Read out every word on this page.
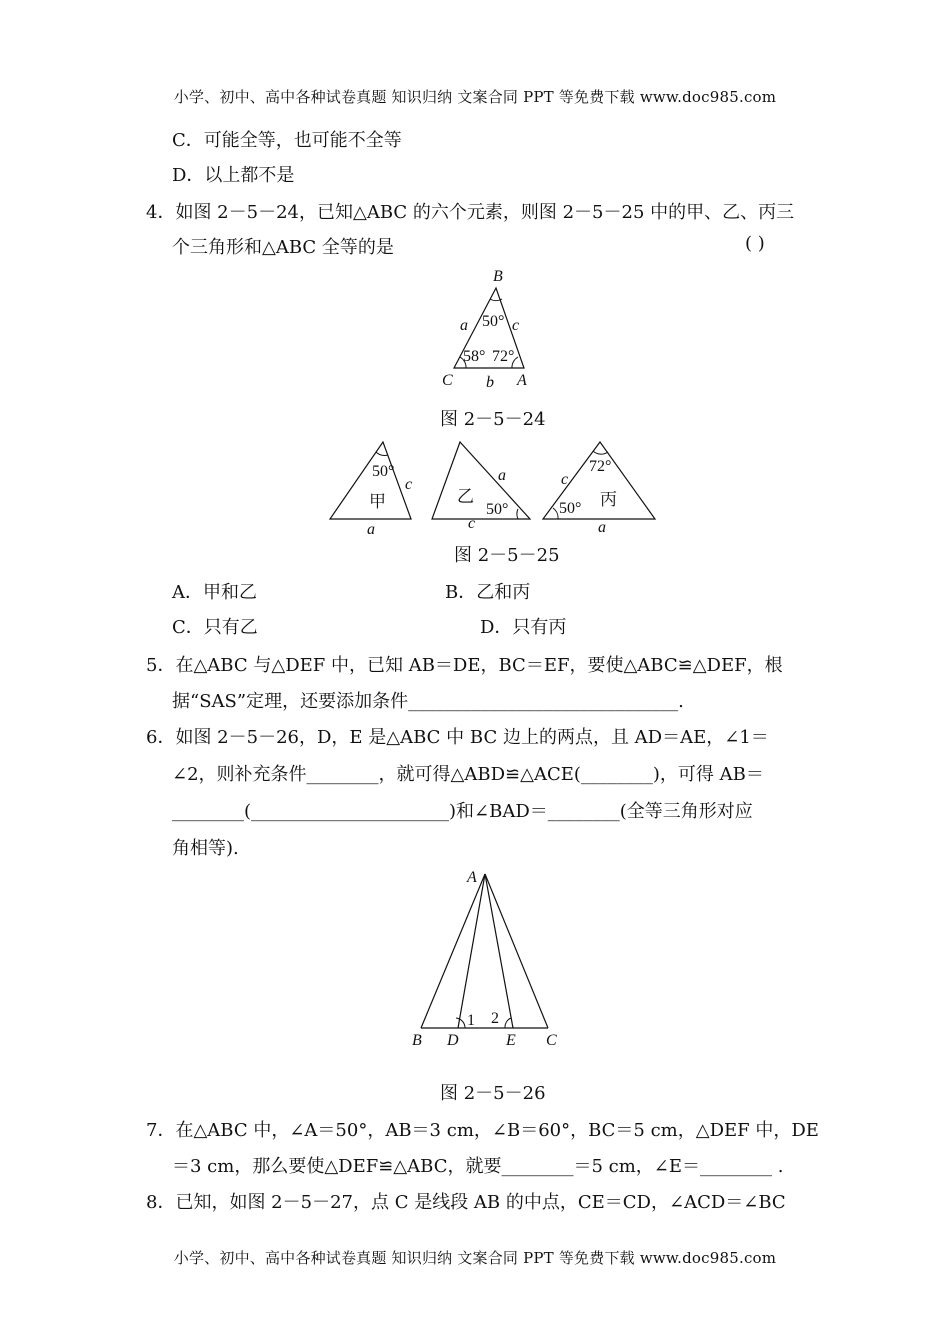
小学、初中、高中各种试卷真题 知识归纳 文案合同 PPT 等免费下载 www.doc985.com
C．可能全等，也可能不全等
D．以上都不是
4．如图 2－5－24，已知△ABC 的六个元素，则图 2－5－25 中的甲、乙、丙三
个三角形和△ABC 全等的是	( )
B
C	A
a	c
b
50°
58° 72°
图 2－5－24
50°
c
甲
a
a
乙
50°
c
72°
c
丙
50°
a
图 2－5－25
A．甲和乙	B．乙和丙
C．只有乙	D．只有丙
5．在△ABC 与△DEF 中，已知 AB＝DE，BC＝EF，要使△ABC≌△DEF，根
据“SAS”定理，还要添加条件______________________________.
6．如图 2－5－26，D，E 是△ABC 中 BC 边上的两点，且 AD＝AE，∠1＝
∠2，则补充条件________，就可得△ABD≌△ACE(________)，可得 AB＝
________(______________________)和∠BAD＝________(全等三角形对应
角相等).
A
1 2
B D	E C
图 2－5－26
7．在△ABC 中，∠A＝50°，AB＝3 cm，∠B＝60°，BC＝5 cm，△DEF 中，DE
＝3 cm，那么要使△DEF≌△ABC，就要________＝5 cm，∠E＝________ .
8．已知，如图 2－5－27，点 C 是线段 AB 的中点，CE＝CD，∠ACD＝∠BC
小学、初中、高中各种试卷真题 知识归纳 文案合同 PPT 等免费下载 www.doc985.com
